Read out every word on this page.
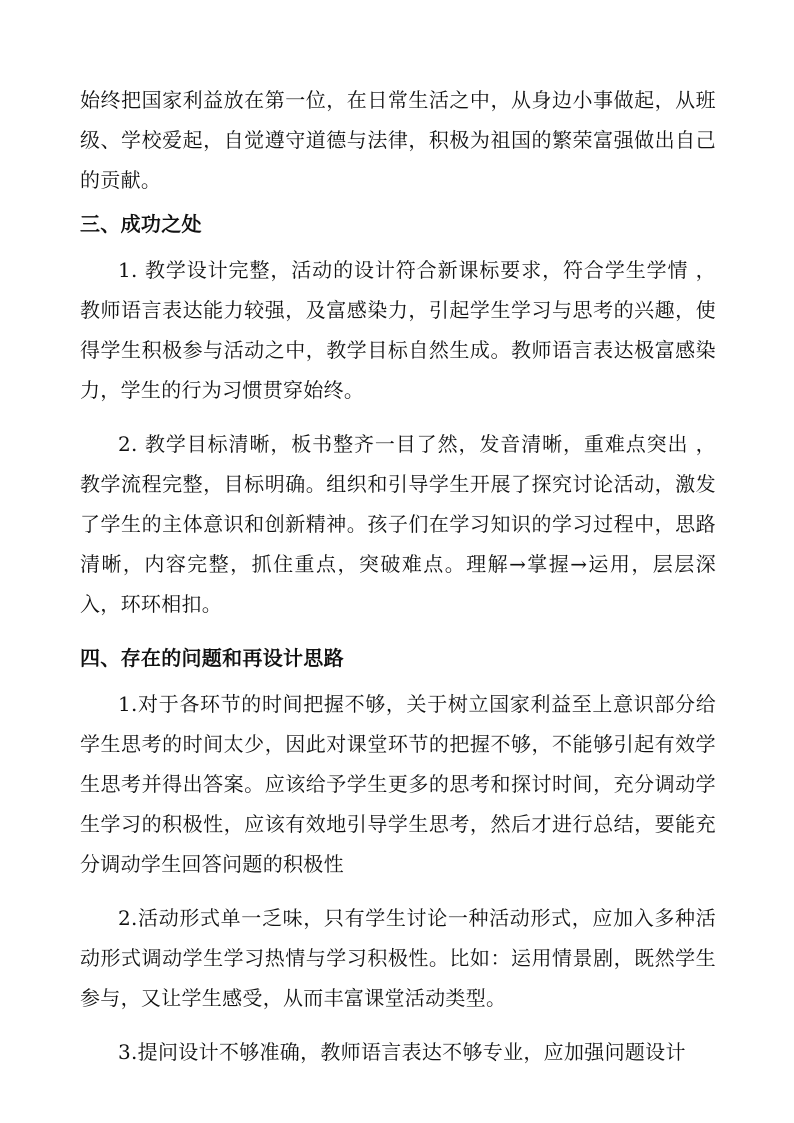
始终把国家利益放在第一位，在日常生活之中，从身边小事做起，从班级、学校爱起，自觉遵守道德与法律，积极为祖国的繁荣富强做出自己的贡献。

三、成功之处

1. 教学设计完整，活动的设计符合新课标要求，符合学生学情 ，教师语言表达能力较强，及富感染力，引起学生学习与思考的兴趣，使得学生积极参与活动之中，教学目标自然生成。教师语言表达极富感染力，学生的行为习惯贯穿始终。

2. 教学目标清晰，板书整齐一目了然，发音清晰，重难点突出 ，教学流程完整，目标明确。组织和引导学生开展了探究讨论活动，激发了学生的主体意识和创新精神。孩子们在学习知识的学习过程中，思路清晰，内容完整，抓住重点，突破难点。理解→掌握→运用，层层深入，环环相扣。

四、存在的问题和再设计思路

1.对于各环节的时间把握不够，关于树立国家利益至上意识部分给学生思考的时间太少，因此对课堂环节的把握不够，不能够引起有效学生思考并得出答案。应该给予学生更多的思考和探讨时间，充分调动学生学习的积极性，应该有效地引导学生思考，然后才进行总结，要能充分调动学生回答问题的积极性

2.活动形式单一乏味，只有学生讨论一种活动形式，应加入多种活动形式调动学生学习热情与学习积极性。比如：运用情景剧，既然学生参与，又让学生感受，从而丰富课堂活动类型。

3.提问设计不够准确，教师语言表达不够专业，应加强问题设计
